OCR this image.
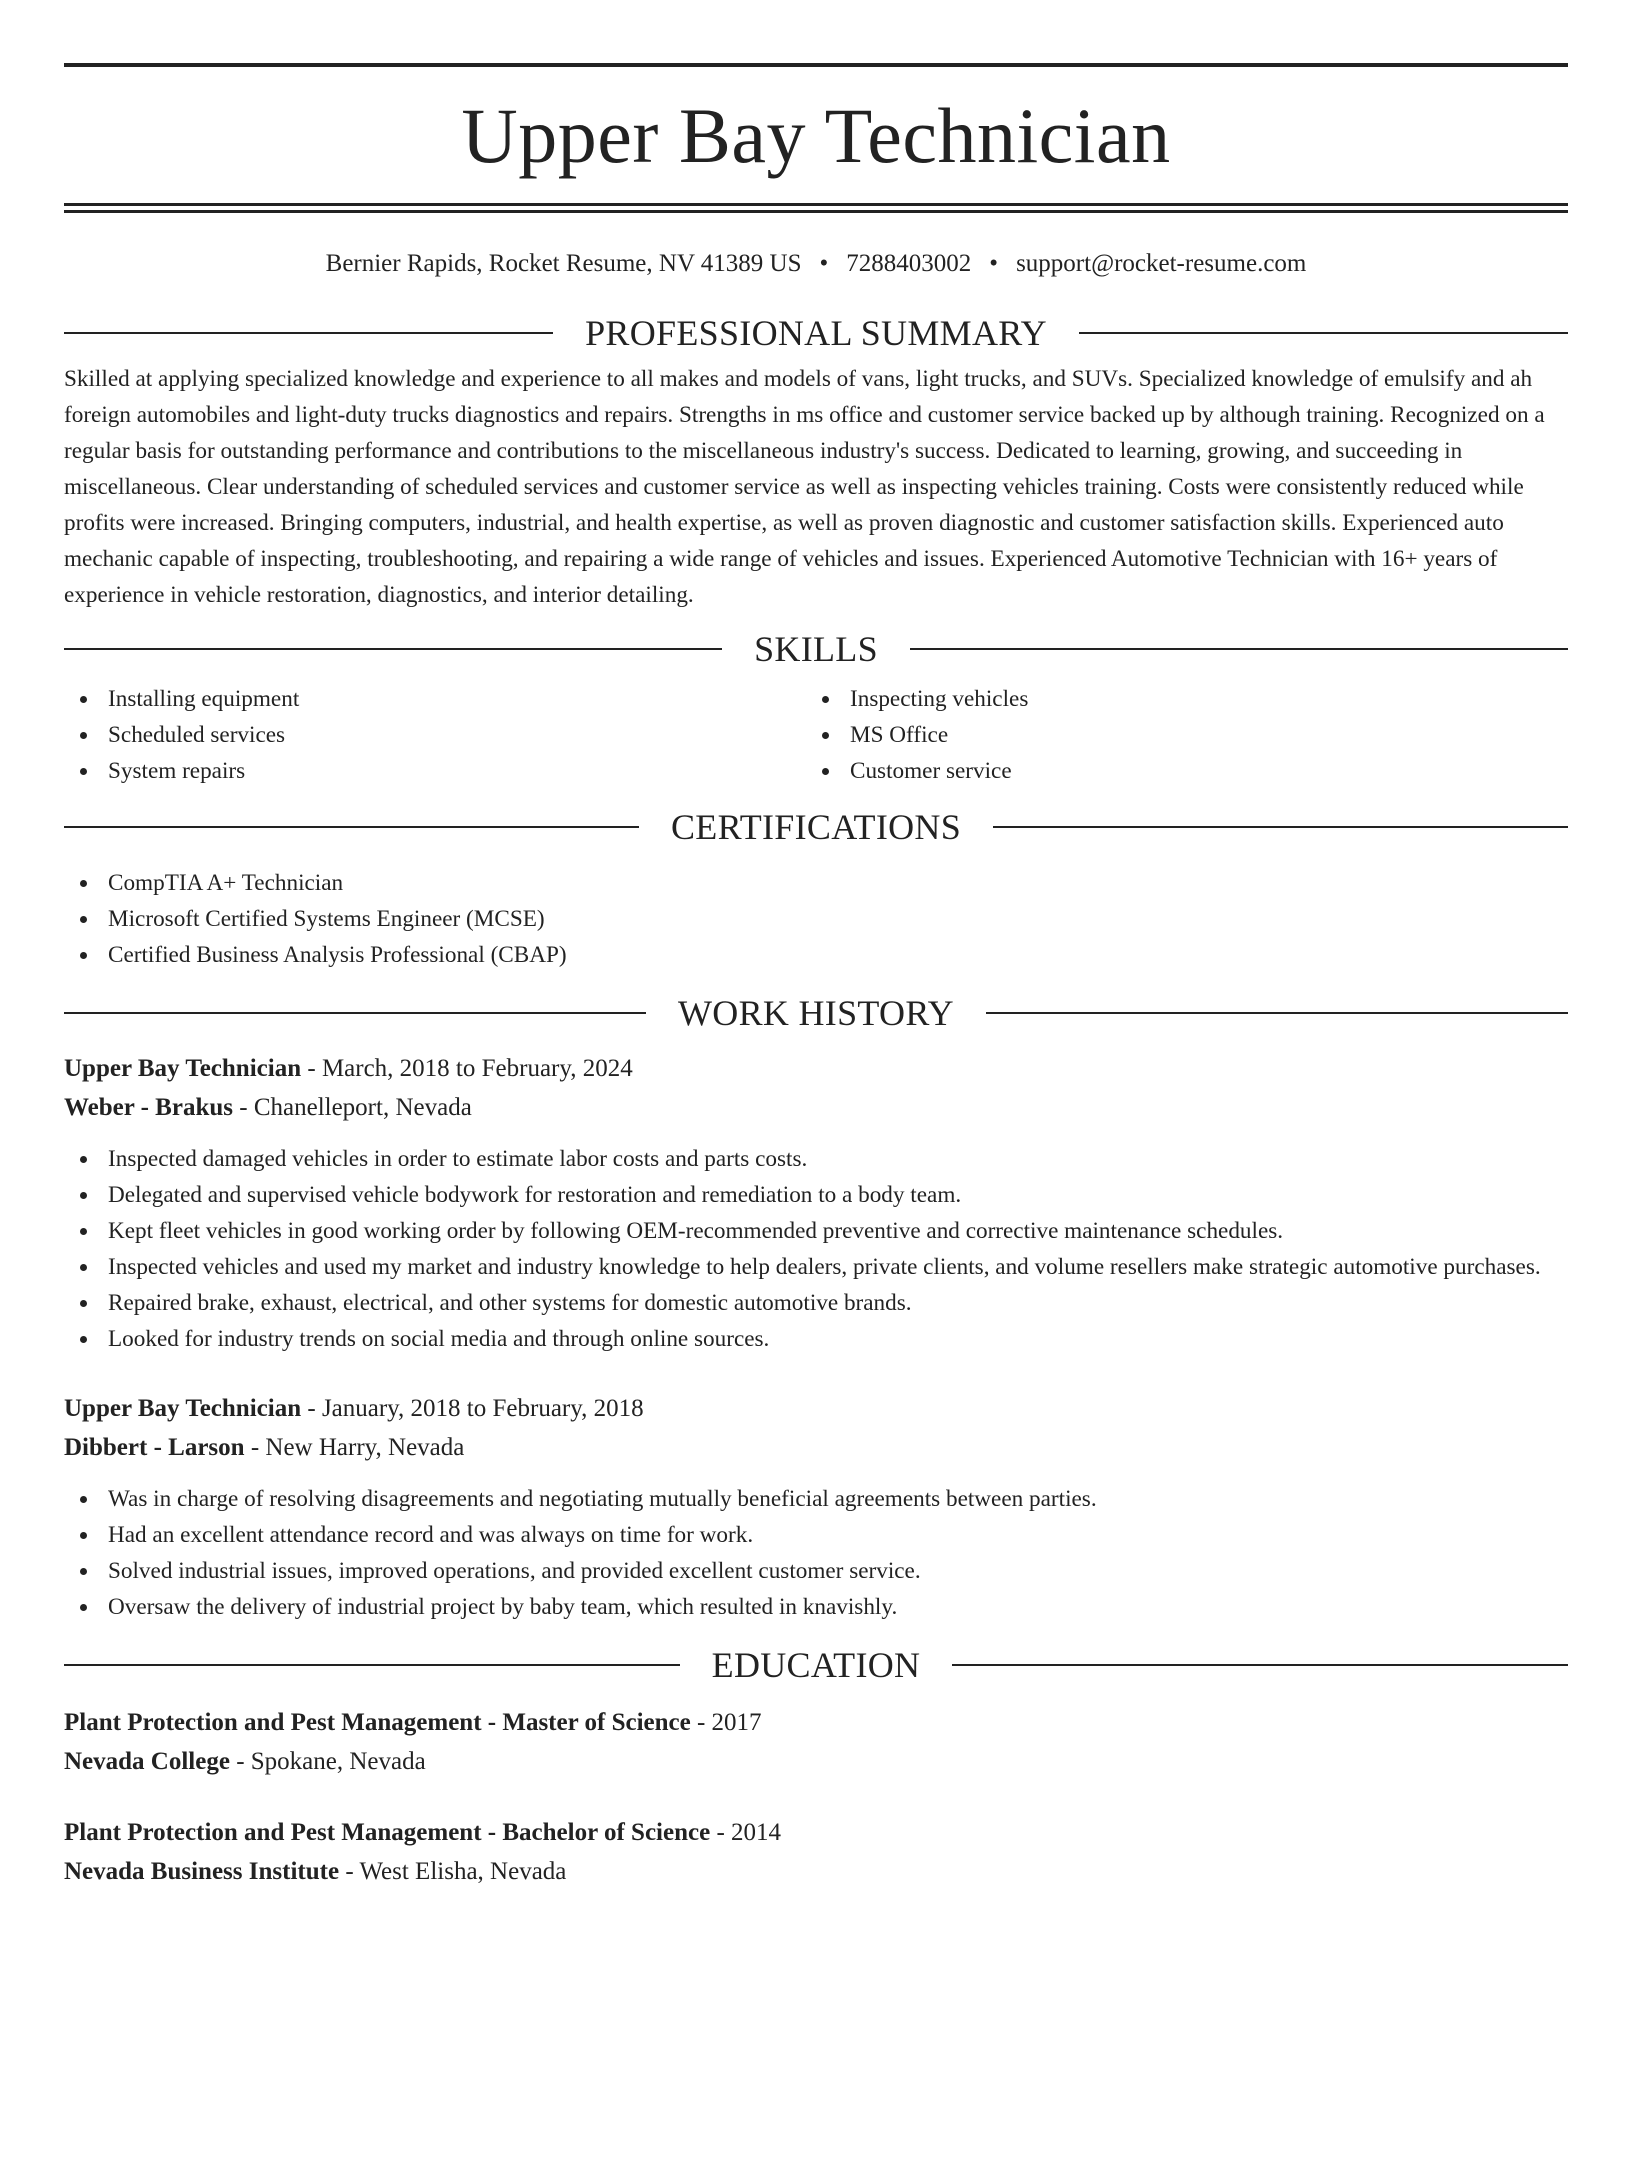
Upper Bay Technician
Bernier Rapids, Rocket Resume, NV 41389 US • 7288403002 • support@rocket-resume.com
PROFESSIONAL SUMMARY

Skilled at applying specialized knowledge and experience to all makes and models of vans, light trucks, and SUVs. Specialized knowledge of emulsify and ah foreign automobiles and light-duty trucks diagnostics and repairs. Strengths in ms office and customer service backed up by although training. Recognized on a regular basis for outstanding performance and contributions to the miscellaneous industry's success. Dedicated to learning, growing, and succeeding in miscellaneous. Clear understanding of scheduled services and customer service as well as inspecting vehicles training. Costs were consistently reduced while profits were increased. Bringing computers, industrial, and health expertise, as well as proven diagnostic and customer satisfaction skills. Experienced auto mechanic capable of inspecting, troubleshooting, and repairing a wide range of vehicles and issues. Experienced Automotive Technician with 16+ years of experience in vehicle restoration, diagnostics, and interior detailing.

SKILLS
Installing equipment
Scheduled services
System repairs
Inspecting vehicles
MS Office
Customer service
CERTIFICATIONS
CompTIA A+ Technician
Microsoft Certified Systems Engineer (MCSE)
Certified Business Analysis Professional (CBAP)
WORK HISTORY
Upper Bay Technician - March, 2018 to February, 2024
Weber - Brakus - Chanelleport, Nevada
Inspected damaged vehicles in order to estimate labor costs and parts costs.
Delegated and supervised vehicle bodywork for restoration and remediation to a body team.
Kept fleet vehicles in good working order by following OEM-recommended preventive and corrective maintenance schedules.
Inspected vehicles and used my market and industry knowledge to help dealers, private clients, and volume resellers make strategic automotive purchases.
Repaired brake, exhaust, electrical, and other systems for domestic automotive brands.
Looked for industry trends on social media and through online sources.
Upper Bay Technician - January, 2018 to February, 2018
Dibbert - Larson - New Harry, Nevada
Was in charge of resolving disagreements and negotiating mutually beneficial agreements between parties.
Had an excellent attendance record and was always on time for work.
Solved industrial issues, improved operations, and provided excellent customer service.
Oversaw the delivery of industrial project by baby team, which resulted in knavishly.
EDUCATION
Plant Protection and Pest Management - Master of Science - 2017
Nevada College - Spokane, Nevada
Plant Protection and Pest Management - Bachelor of Science - 2014
Nevada Business Institute - West Elisha, Nevada
